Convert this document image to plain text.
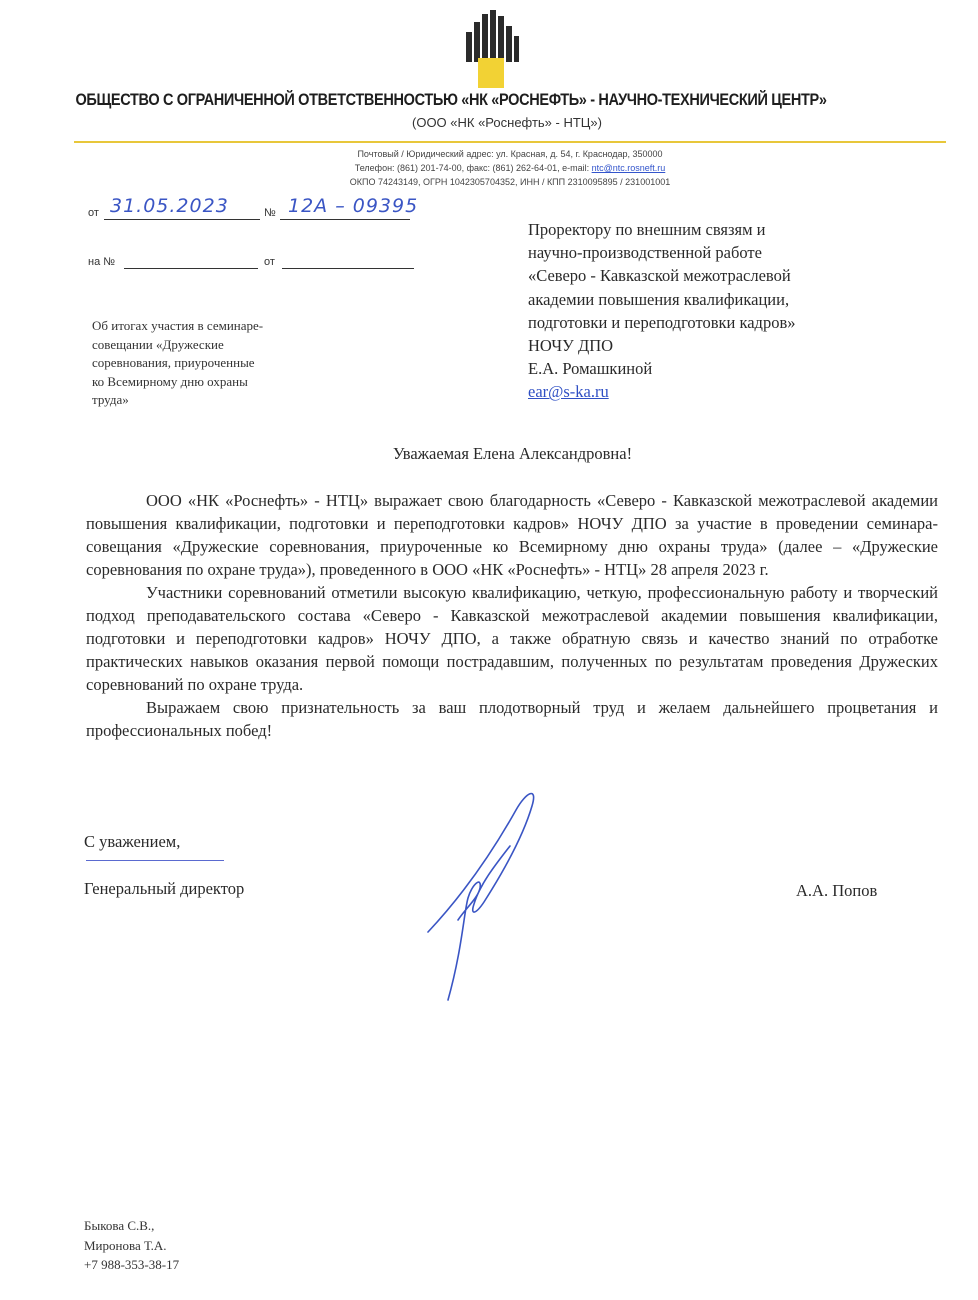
ОБЩЕСТВО С ОГРАНИЧЕННОЙ ОТВЕТСТВЕННОСТЬЮ «НК «РОСНЕФТЬ» - НАУЧНО-ТЕХНИЧЕСКИЙ ЦЕНТР»
(ООО «НК «Роснефть» - НТЦ»)
Почтовый / Юридический адрес: ул. Красная, д. 54, г. Краснодар, 350000
Телефон: (861) 201-74-00, факс: (861) 262-64-01, e-mail: ntc@ntc.rosneft.ru
ОКПО 74243149, ОГРН 1042305704352, ИНН / КПП 2310095895 / 231001001
от 31.05.2023	№ 12А – 09395
на №	от
Проректору по внешним связям и
научно-производственной работе
«Северо - Кавказской межотраслевой
академии повышения квалификации,
подготовки и переподготовки кадров»
НОЧУ ДПО
Е.А. Ромашкиной
ear@s-ka.ru
Об итогах участия в семинаре-
совещании «Дружеские
соревнования, приуроченные
ко Всемирному дню охраны
труда»
Уважаемая Елена Александровна!

ООО «НК «Роснефть» - НТЦ» выражает свою благодарность «Северо - Кавказской межотраслевой академии повышения квалификации, подготовки и переподготовки кадров» НОЧУ ДПО за участие в проведении семинара-совещания «Дружеские соревнования, приуроченные ко Всемирному дню охраны труда» (далее – «Дружеские соревнования по охране труда»), проведенного в ООО «НК «Роснефть» - НТЦ» 28 апреля 2023 г.

Участники соревнований отметили высокую квалификацию, четкую, профессиональную работу и творческий подход преподавательского состава «Северо - Кавказской межотраслевой академии повышения квалификации, подготовки и переподготовки кадров» НОЧУ ДПО, а также обратную связь и качество знаний по отработке практических навыков оказания первой помощи пострадавшим, полученных по результатам проведения Дружеских соревнований по охране труда.

Выражаем свою признательность за ваш плодотворный труд и желаем дальнейшего процветания и профессиональных побед!

С уважением,
Генеральный директор	А.А. Попов
Быкова С.В.,
Миронова Т.А.
+7 988-353-38-17
